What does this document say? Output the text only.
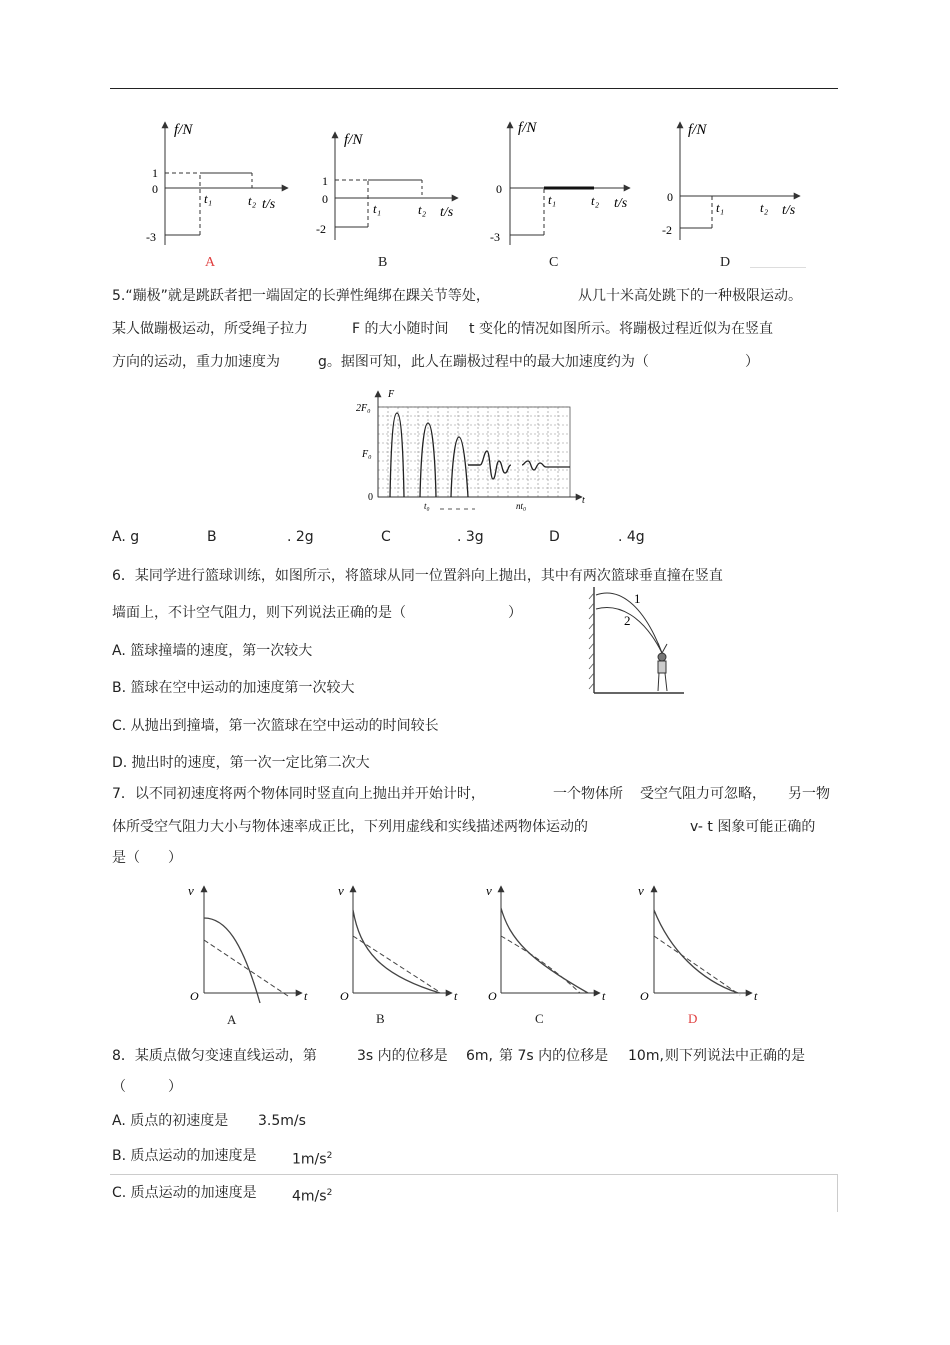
f/N
t/s
1
0
-3
t₁	t₂
f/N
t/s
1
0
-2
t₁	t₂
f/N
t/s
0
-3
t₁	t₂
f/N
t/s
0
-2
t₁	t₂
A	B	C	D
5.“蹦极”就是跳跃者把一端固定的长弹性绳绑在踝关节等处，	从几十米高处跳下的一种极限运动。
某人做蹦极运动，所受绳子拉力	F 的大小随时间 t 变化的情况如图所示。将蹦极过程近似为在竖直
方向的运动，重力加速度为	g。据图可知，此人在蹦极过程中的最大加速度约为（	）
F
2F₀
F₀
0	t
t₀	nt₀
A. g	B	. 2g	C	. 3g	D	. 4g
6．某同学进行篮球训练，如图所示，将篮球从同一位置斜向上抛出，其中有两次篮球垂直撞在竖直
墙面上，不计空气阻力，则下列说法正确的是（	）
A. 篮球撞墙的速度，第一次较大
B. 篮球在空中运动的加速度第一次较大
C. 从抛出到撞墙，第一次篮球在空中运动的时间较长
D. 抛出时的速度，第一次一定比第二次大
1
2
7．以不同初速度将两个物体同时竖直向上抛出并开始计时，	一个物体所 受空气阻力可忽略， 另一物
体所受空气阻力大小与物体速率成正比，下列用虚线和实线描述两物体运动的	v- t 图象可能正确的
是（　　）
v
O	t
v
O	t
v
O	t
v
O	t
A	B	C	D
8．某质点做匀变速直线运动，第	3s 内的位移是 6m, 第 7s 内的位移是 10m, 则下列说法中正确的是
（　　　）
A. 质点的初速度是 3.5m/s
B. 质点运动的加速度是	$1m/s^2$
C. 质点运动的加速度是	$4m/s^2$
